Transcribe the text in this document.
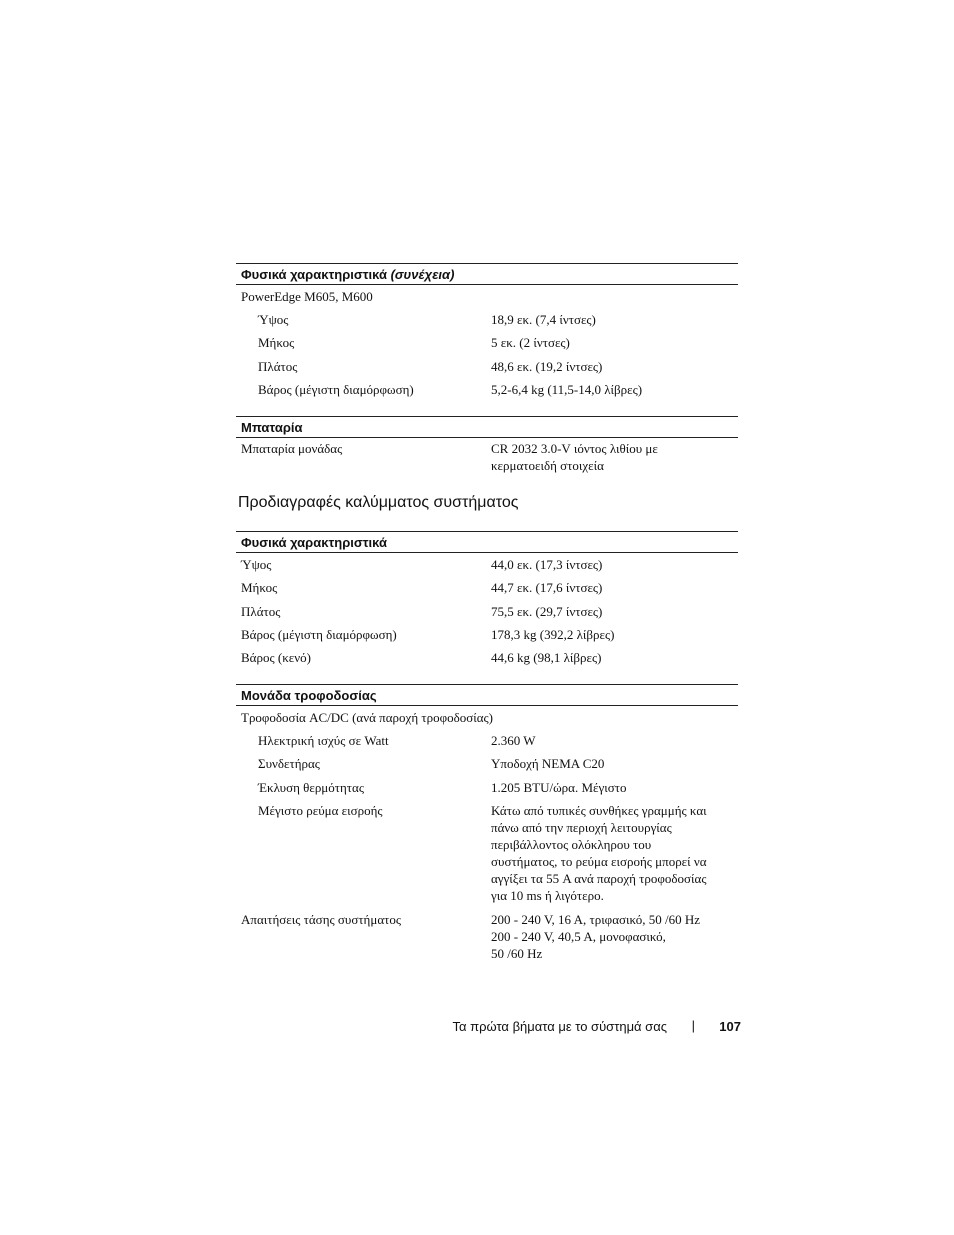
Φυσικά χαρακτηριστικά (συνέχεια)
PowerEdge M605, M600
Ύψος	18,9 εκ. (7,4 ίντσες)
Μήκος	5 εκ. (2 ίντσες)
Πλάτος	48,6 εκ. (19,2 ίντσες)
Βάρος (μέγιστη διαμόρφωση)	5,2-6,4 kg (11,5-14,0 λίβρες)
Μπαταρία
Μπαταρία μονάδας	CR 2032 3.0-V ιόντος λιθίου με
κερματοειδή στοιχεία
Προδιαγραφές καλύμματος συστήματος
Φυσικά χαρακτηριστικά
Ύψος	44,0 εκ. (17,3 ίντσες)
Μήκος	44,7 εκ. (17,6 ίντσες)
Πλάτος	75,5 εκ. (29,7 ίντσες)
Βάρος (μέγιστη διαμόρφωση)	178,3 kg (392,2 λίβρες)
Βάρος (κενό)	44,6 kg (98,1 λίβρες)
Μονάδα τροφοδοσίας
Τροφοδοσία AC/DC (ανά παροχή τροφοδοσίας)
Ηλεκτρική ισχύς σε Watt	2.360 W
Συνδετήρας	Υποδοχή NEMA C20
Έκλυση θερμότητας	1.205 BTU/ώρα. Μέγιστο
Μέγιστο ρεύμα εισροής	Κάτω από τυπικές συνθήκες γραμμής και
πάνω από την περιοχή λειτουργίας
περιβάλλοντος ολόκληρου του
συστήματος, το ρεύμα εισροής μπορεί να
αγγίξει τα 55 A ανά παροχή τροφοδοσίας
για 10 ms ή λιγότερο.
Απαιτήσεις τάσης συστήματος	200 - 240 V, 16 A, τριφασικό, 50 /60 Hz
200 - 240 V, 40,5 A, μονοφασικό,
50 /60 Hz
Τα πρώτα βήματα με το σύστημά σας | 107
